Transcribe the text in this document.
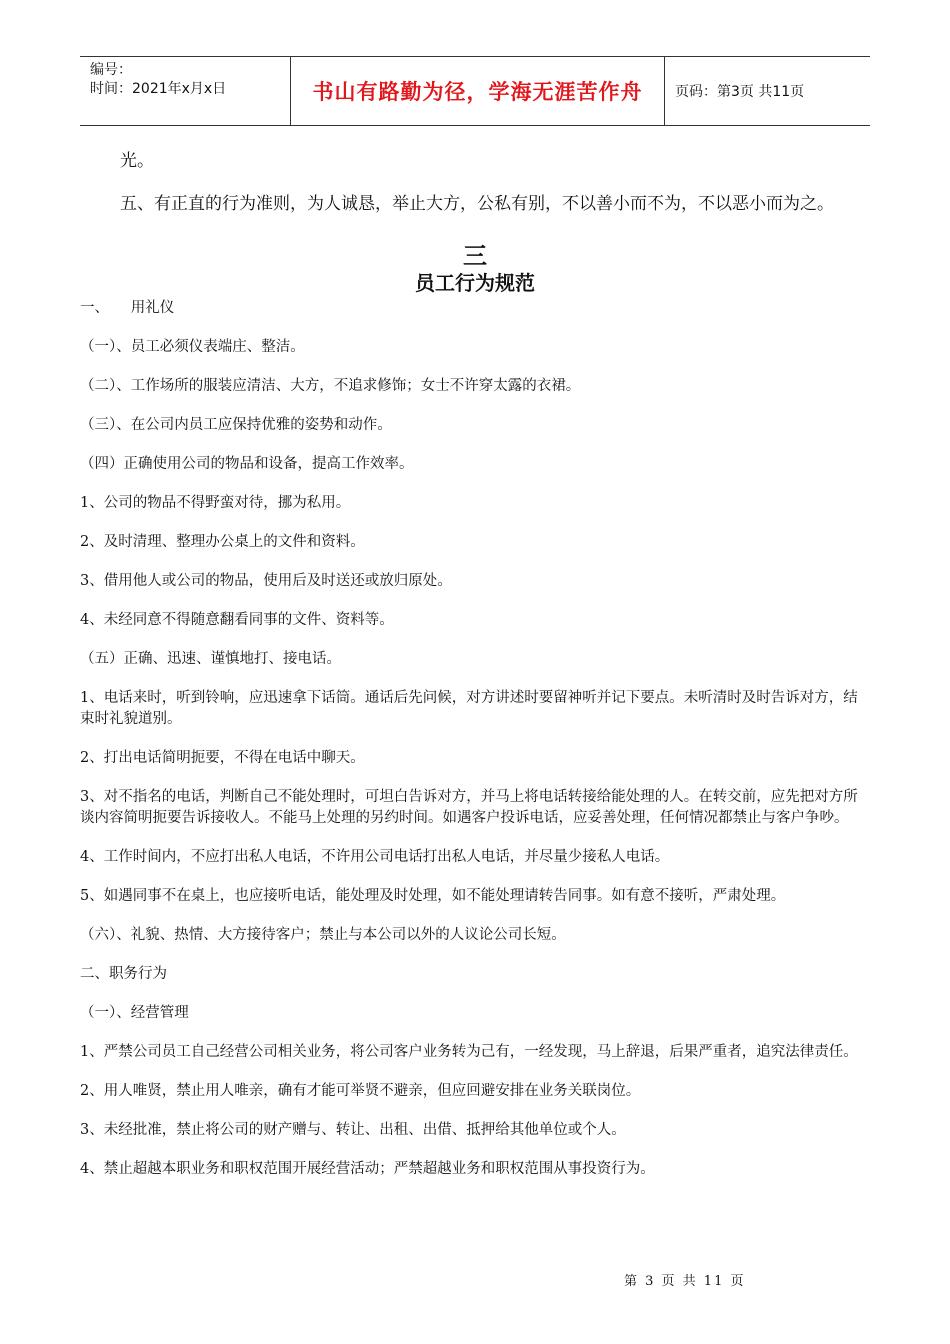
编号：
时间：2021年x月x日	书山有路勤为径，学海无涯苦作舟	页码：第3页 共11页

光。

五、有正直的行为准则，为人诚恳，举止大方，公私有别，不以善小而不为，不以恶小而为之。

三
员工行为规范

一、　　用礼仪

（一）、员工必须仪表端庄、整洁。

（二）、工作场所的服装应清洁、大方，不追求修饰；女士不许穿太露的衣裙。

（三）、在公司内员工应保持优雅的姿势和动作。

（四）正确使用公司的物品和设备，提高工作效率。

1、公司的物品不得野蛮对待，挪为私用。

2、及时清理、整理办公桌上的文件和资料。

3、借用他人或公司的物品，使用后及时送还或放归原处。

4、未经同意不得随意翻看同事的文件、资料等。

（五）正确、迅速、谨慎地打、接电话。

1、电话来时，听到铃响，应迅速拿下话筒。通话后先问候，对方讲述时要留神听并记下要点。未听清时及时告诉对方，结束时礼貌道别。

2、打出电话简明扼要，不得在电话中聊天。

3、对不指名的电话，判断自己不能处理时，可坦白告诉对方，并马上将电话转接给能处理的人。在转交前，应先把对方所谈内容简明扼要告诉接收人。不能马上处理的另约时间。如遇客户投诉电话，应妥善处理，任何情况都禁止与客户争吵。

4、工作时间内，不应打出私人电话，不许用公司电话打出私人电话，并尽量少接私人电话。

5、如遇同事不在桌上，也应接听电话，能处理及时处理，如不能处理请转告同事。如有意不接听，严肃处理。

（六）、礼貌、热情、大方接待客户；禁止与本公司以外的人议论公司长短。

二、职务行为

（一）、经营管理

1、严禁公司员工自己经营公司相关业务，将公司客户业务转为己有，一经发现，马上辞退，后果严重者，追究法律责任。

2、用人唯贤，禁止用人唯亲，确有才能可举贤不避亲，但应回避安排在业务关联岗位。

3、未经批准，禁止将公司的财产赠与、转让、出租、出借、抵押给其他单位或个人。

4、禁止超越本职业务和职权范围开展经营活动；严禁超越业务和职权范围从事投资行为。

第 3 页 共 11 页
